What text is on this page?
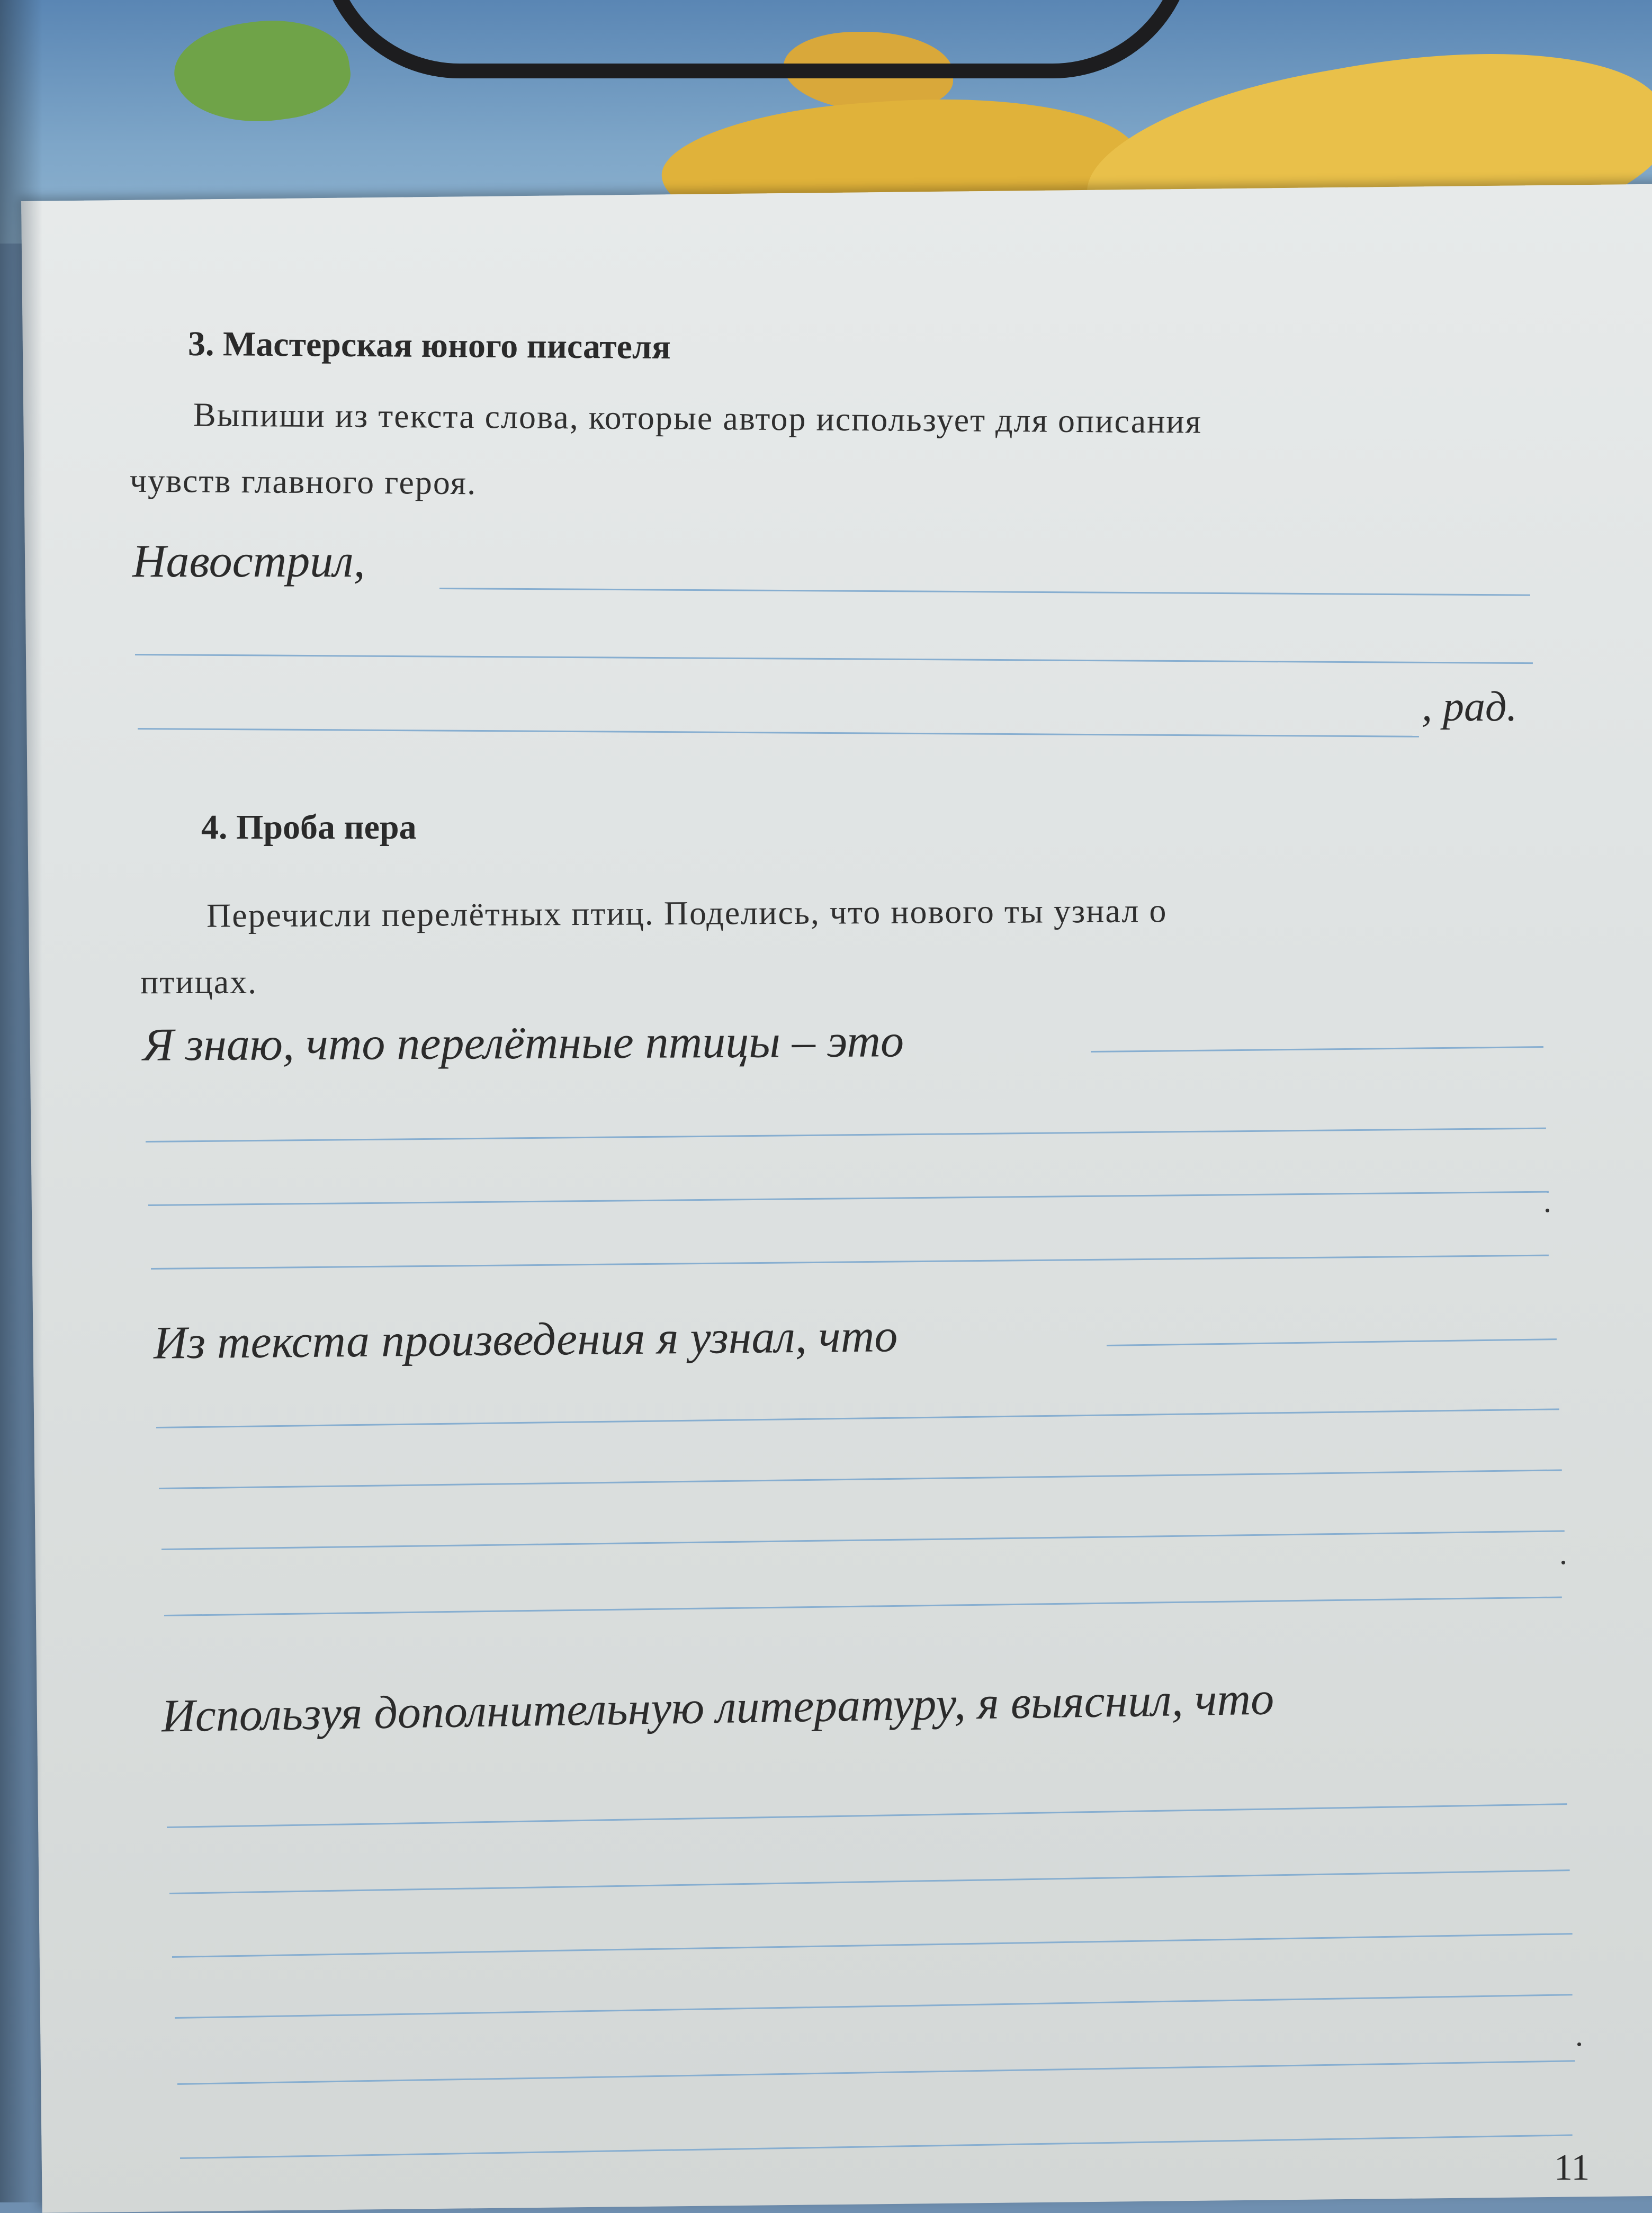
3. Мастерская юного писателя
Выпиши из текста слова, которые автор использует для описания
чувств главного героя.
Навострил,
, рад.
4. Проба пера
Перечисли перелётных птиц. Поделись, что нового ты узнал о
птицах.
Я знаю, что перелётные птицы – это
.
Из текста произведения я узнал, что
.
Используя дополнительную литературу, я выяснил, что
.
11
